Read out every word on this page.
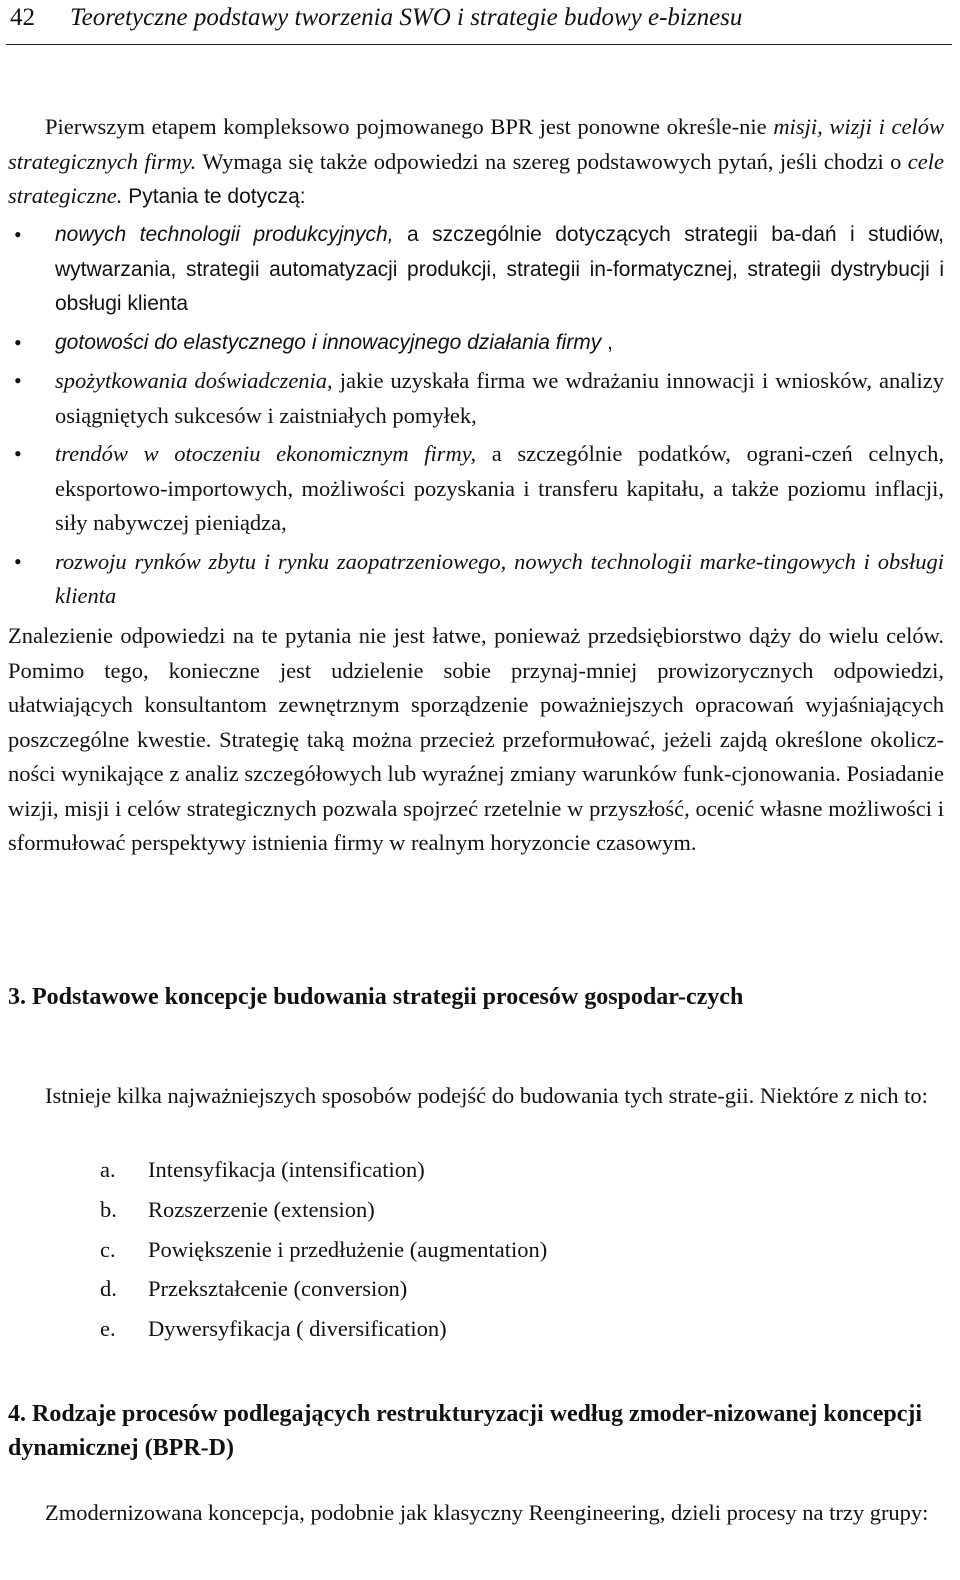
42 Teoretyczne podstawy tworzenia SWO i strategie budowy e-biznesu

Pierwszym etapem kompleksowo pojmowanego BPR jest ponowne określe-nie misji, wizji i celów strategicznych firmy. Wymaga się także odpowiedzi na szereg podstawowych pytań, jeśli chodzi o cele strategiczne. Pytania te dotyczą:

• nowych technologii produkcyjnych, a szczególnie dotyczących strategii ba-dań i studiów, wytwarzania, strategii automatyzacji produkcji, strategii in-formatycznej, strategii dystrybucji i obsługi klienta
• gotowości do elastycznego i innowacyjnego działania firmy ,
• spożytkowania doświadczenia, jakie uzyskała firma we wdrażaniu innowacji i wniosków, analizy osiągniętych sukcesów i zaistniałych pomyłek,
• trendów w otoczeniu ekonomicznym firmy, a szczególnie podatków, ograni-czeń celnych, eksportowo-importowych, możliwości pozyskania i transferu kapitału, a także poziomu inflacji, siły nabywczej pieniądza,
• rozwoju rynków zbytu i rynku zaopatrzeniowego, nowych technologii marke-tingowych i obsługi klienta

Znalezienie odpowiedzi na te pytania nie jest łatwe, ponieważ przedsiębiorstwo dąży do wielu celów. Pomimo tego, konieczne jest udzielenie sobie przynaj-mniej prowizorycznych odpowiedzi, ułatwiających konsultantom zewnętrznym sporządzenie poważniejszych opracowań wyjaśniających poszczególne kwestie. Strategię taką można przecież przeformułować, jeżeli zajdą określone okolicz-ności wynikające z analiz szczegółowych lub wyraźnej zmiany warunków funk-cjonowania. Posiadanie wizji, misji i celów strategicznych pozwala spojrzeć rzetelnie w przyszłość, ocenić własne możliwości i sformułować perspektywy istnienia firmy w realnym horyzoncie czasowym.

3. Podstawowe koncepcje budowania strategii procesów gospodar-czych

Istnieje kilka najważniejszych sposobów podejść do budowania tych strate-gii. Niektóre z nich to:

a. Intensyfikacja (intensification)
b. Rozszerzenie (extension)
c. Powiększenie i przedłużenie (augmentation)
d. Przekształcenie (conversion)
e. Dywersyfikacja ( diversification)
4. Rodzaje procesów podlegających restrukturyzacji według zmoder-nizowanej koncepcji dynamicznej (BPR-D)

Zmodernizowana koncepcja, podobnie jak klasyczny Reengineering, dzieli procesy na trzy grupy:
